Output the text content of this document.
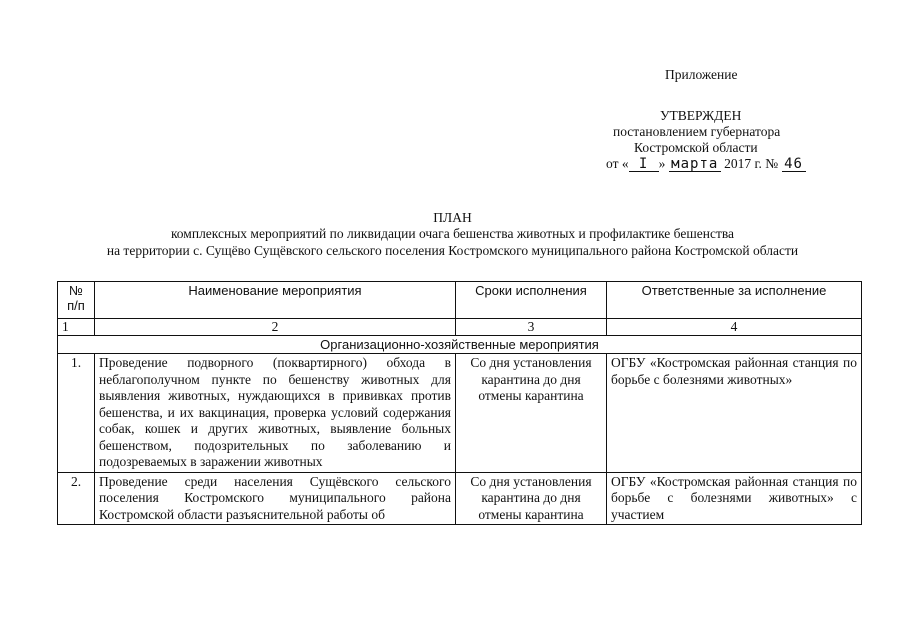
Приложение
УТВЕРЖДЕН
постановлением губернатора
Костромской области
от « I » марта 2017 г. № 46
ПЛАН
комплексных мероприятий по ликвидации очага бешенства животных и профилактике бешенства
на территории с. Сущёво Сущёвского сельского поселения Костромского муниципального района Костромской области
№ п/п	Наименование мероприятия	Сроки исполнения	Ответственные за исполнение
1	2	3	4
Организационно-хозяйственные мероприятия			
1.	Проведение подворного (поквартирного) обхода в неблагополучном пункте по бешенству животных для выявления животных, нуждающихся в прививках против бешенства, и их вакцинация, проверка условий содержания собак, кошек и других животных, выявление больных бешенством, подозрительных по заболеванию и подозреваемых в заражении животных	Со дня установления карантина до дня отмены карантина	ОГБУ «Костромская районная станция по борьбе с болезнями животных»
2.	Проведение среди населения Сущёвского сельского поселения Костромского муниципального района Костромской области разъяснительной работы об	Со дня установления карантина до дня отмены карантина	ОГБУ «Костромская районная станция по борьбе с болезнями животных» с участием
